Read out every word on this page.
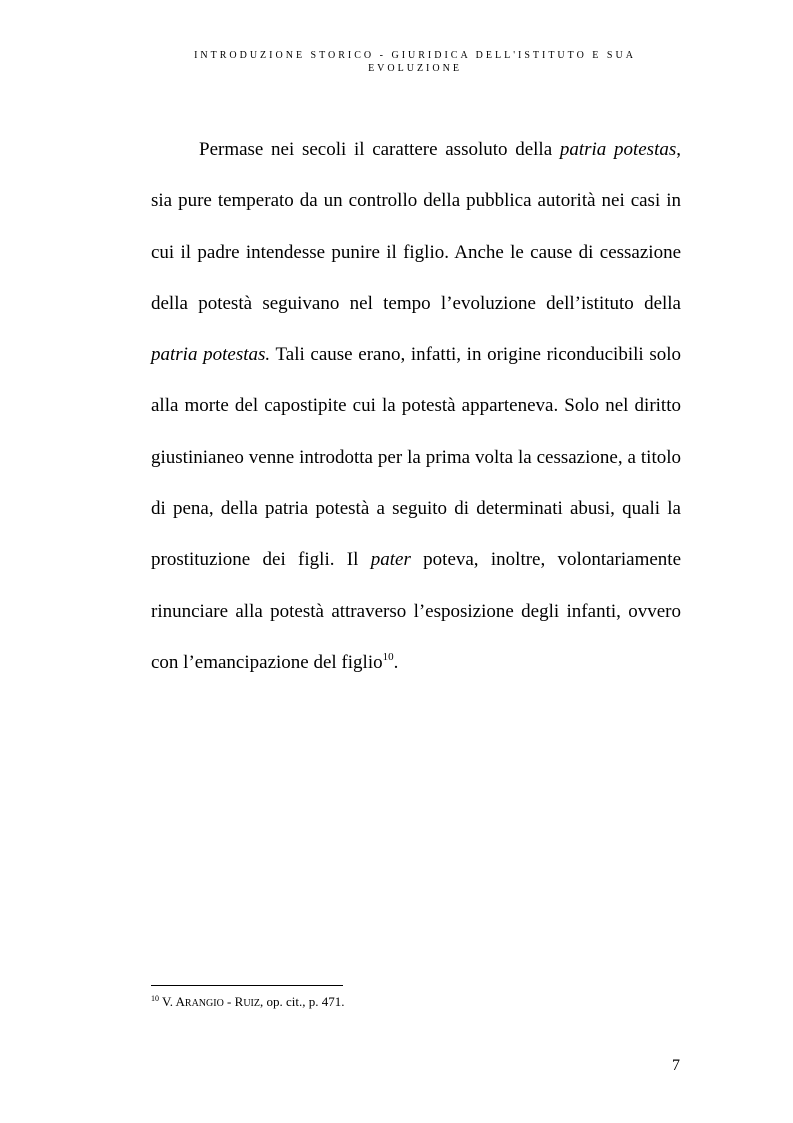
INTRODUZIONE STORICO - GIURIDICA DELL'ISTITUTO E SUA
EVOLUZIONE

Permase nei secoli il carattere assoluto della patria potestas, sia pure temperato da un controllo della pubblica autorità nei casi in cui il padre intendesse punire il figlio. Anche le cause di cessazione della potestà seguivano nel tempo l’evoluzione dell’istituto della patria potestas. Tali cause erano, infatti, in origine riconducibili solo alla morte del capostipite cui la potestà apparteneva. Solo nel diritto giustinianeo venne introdotta per la prima volta la cessazione, a titolo di pena, della patria potestà a seguito di determinati abusi, quali la prostituzione dei figli. Il pater poteva, inoltre, volontariamente rinunciare alla potestà attraverso l’esposizione degli infanti, ovvero con l’emancipazione del figlio$^{10}$.

$^{10}$ V. ARANGIO - RUIZ, op. cit., p. 471.
7
